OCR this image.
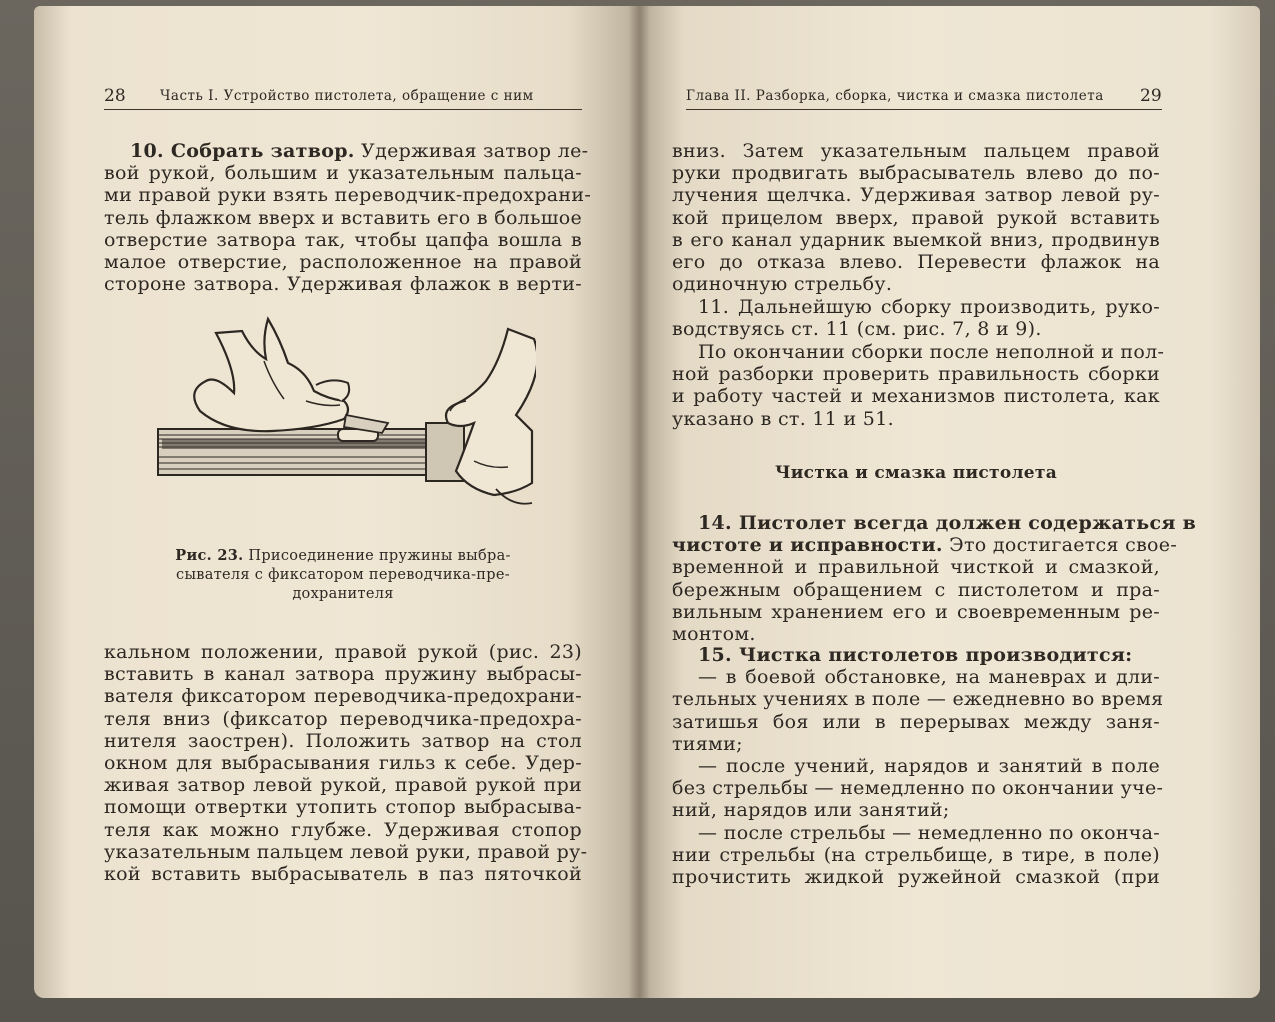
28	Часть I. Устройство пистолета, обращение с ним
10. Собрать затвор. Удерживая затвор ле-
вой рукой, большим и указательным пальца-
ми правой руки взять переводчик-предохрани-
тель флажком вверх и вставить его в большое
отверстие затвора так, чтобы цапфа вошла в
малое отверстие, расположенное на правой
стороне затвора. Удерживая флажок в верти-
Рис. 23. Присоединение пружины выбра-
сывателя с фиксатором переводчика-пре-
дохранителя
кальном положении, правой рукой (рис. 23)
вставить в канал затвора пружину выбрасы-
вателя фиксатором переводчика-предохрани-
теля вниз (фиксатор переводчика-предохра-
нителя заострен). Положить затвор на стол
окном для выбрасывания гильз к себе. Удер-
живая затвор левой рукой, правой рукой при
помощи отвертки утопить стопор выбрасыва-
теля как можно глубже. Удерживая стопор
указательным пальцем левой руки, правой ру-
кой вставить выбрасыватель в паз пяточкой
Глава II. Разборка, сборка, чистка и смазка пистолета 29
вниз. Затем указательным пальцем правой
руки продвигать выбрасыватель влево до по-
лучения щелчка. Удерживая затвор левой ру-
кой прицелом вверх, правой рукой вставить
в его канал ударник выемкой вниз, продвинув
его до отказа влево. Перевести флажок на
одиночную стрельбу.
11. Дальнейшую сборку производить, руко-
водствуясь ст. 11 (см. рис. 7, 8 и 9).
По окончании сборки после неполной и пол-
ной разборки проверить правильность сборки
и работу частей и механизмов пистолета, как
указано в ст. 11 и 51.
Чистка и смазка пистолета
14. Пистолет всегда должен содержаться в
чистоте и исправности. Это достигается свое-
временной и правильной чисткой и смазкой,
бережным обращением с пистолетом и пра-
вильным хранением его и своевременным ре-
монтом.
15. Чистка пистолетов производится:
— в боевой обстановке, на маневрах и дли-
тельных учениях в поле — ежедневно во время
затишья боя или в перерывах между заня-
тиями;
— после учений, нарядов и занятий в поле
без стрельбы — немедленно по окончании уче-
ний, нарядов или занятий;
— после стрельбы — немедленно по оконча-
нии стрельбы (на стрельбище, в тире, в поле)
прочистить жидкой ружейной смазкой (при
